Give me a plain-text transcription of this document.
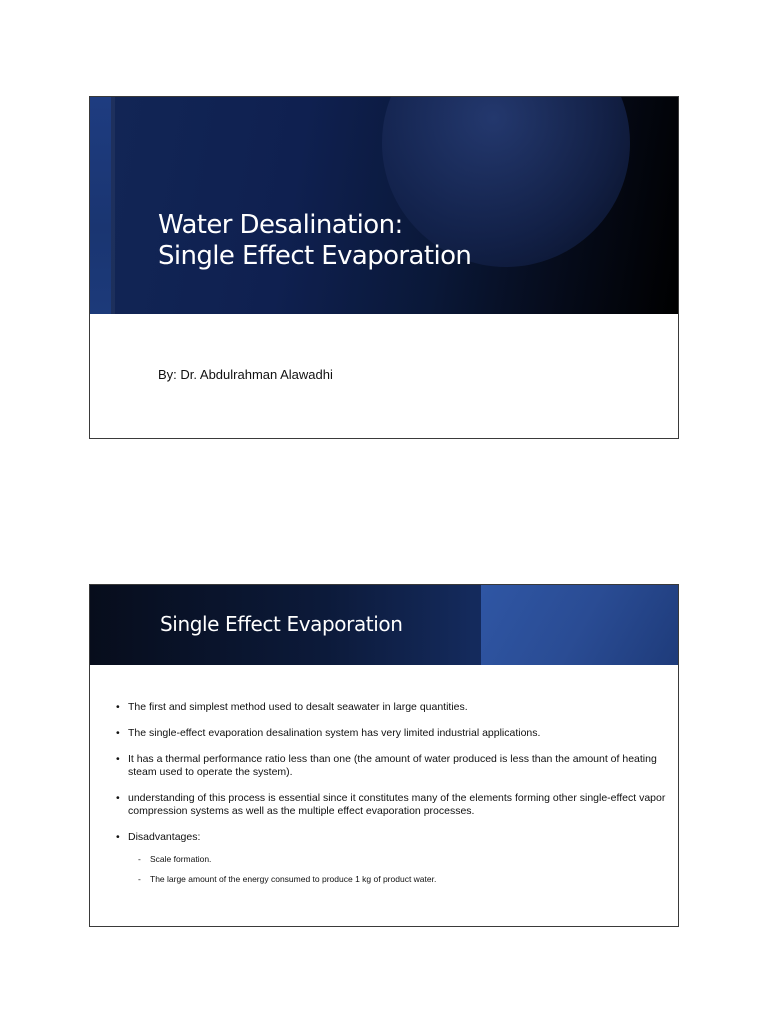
Water Desalination:
Single Effect Evaporation
By: Dr. Abdulrahman Alawadhi
Single Effect Evaporation
• The first and simplest method used to desalt seawater in large quantities.
• The single-effect evaporation desalination system has very limited industrial applications.
• It has a thermal performance ratio less than one (the amount of water produced is less than the amount of heating steam used to operate the system).
• understanding of this process is essential since it constitutes many of the elements forming other single-effect vapor compression systems as well as the multiple effect evaporation processes.
• Disadvantages:
- Scale formation.
- The large amount of the energy consumed to produce 1 kg of product water.
